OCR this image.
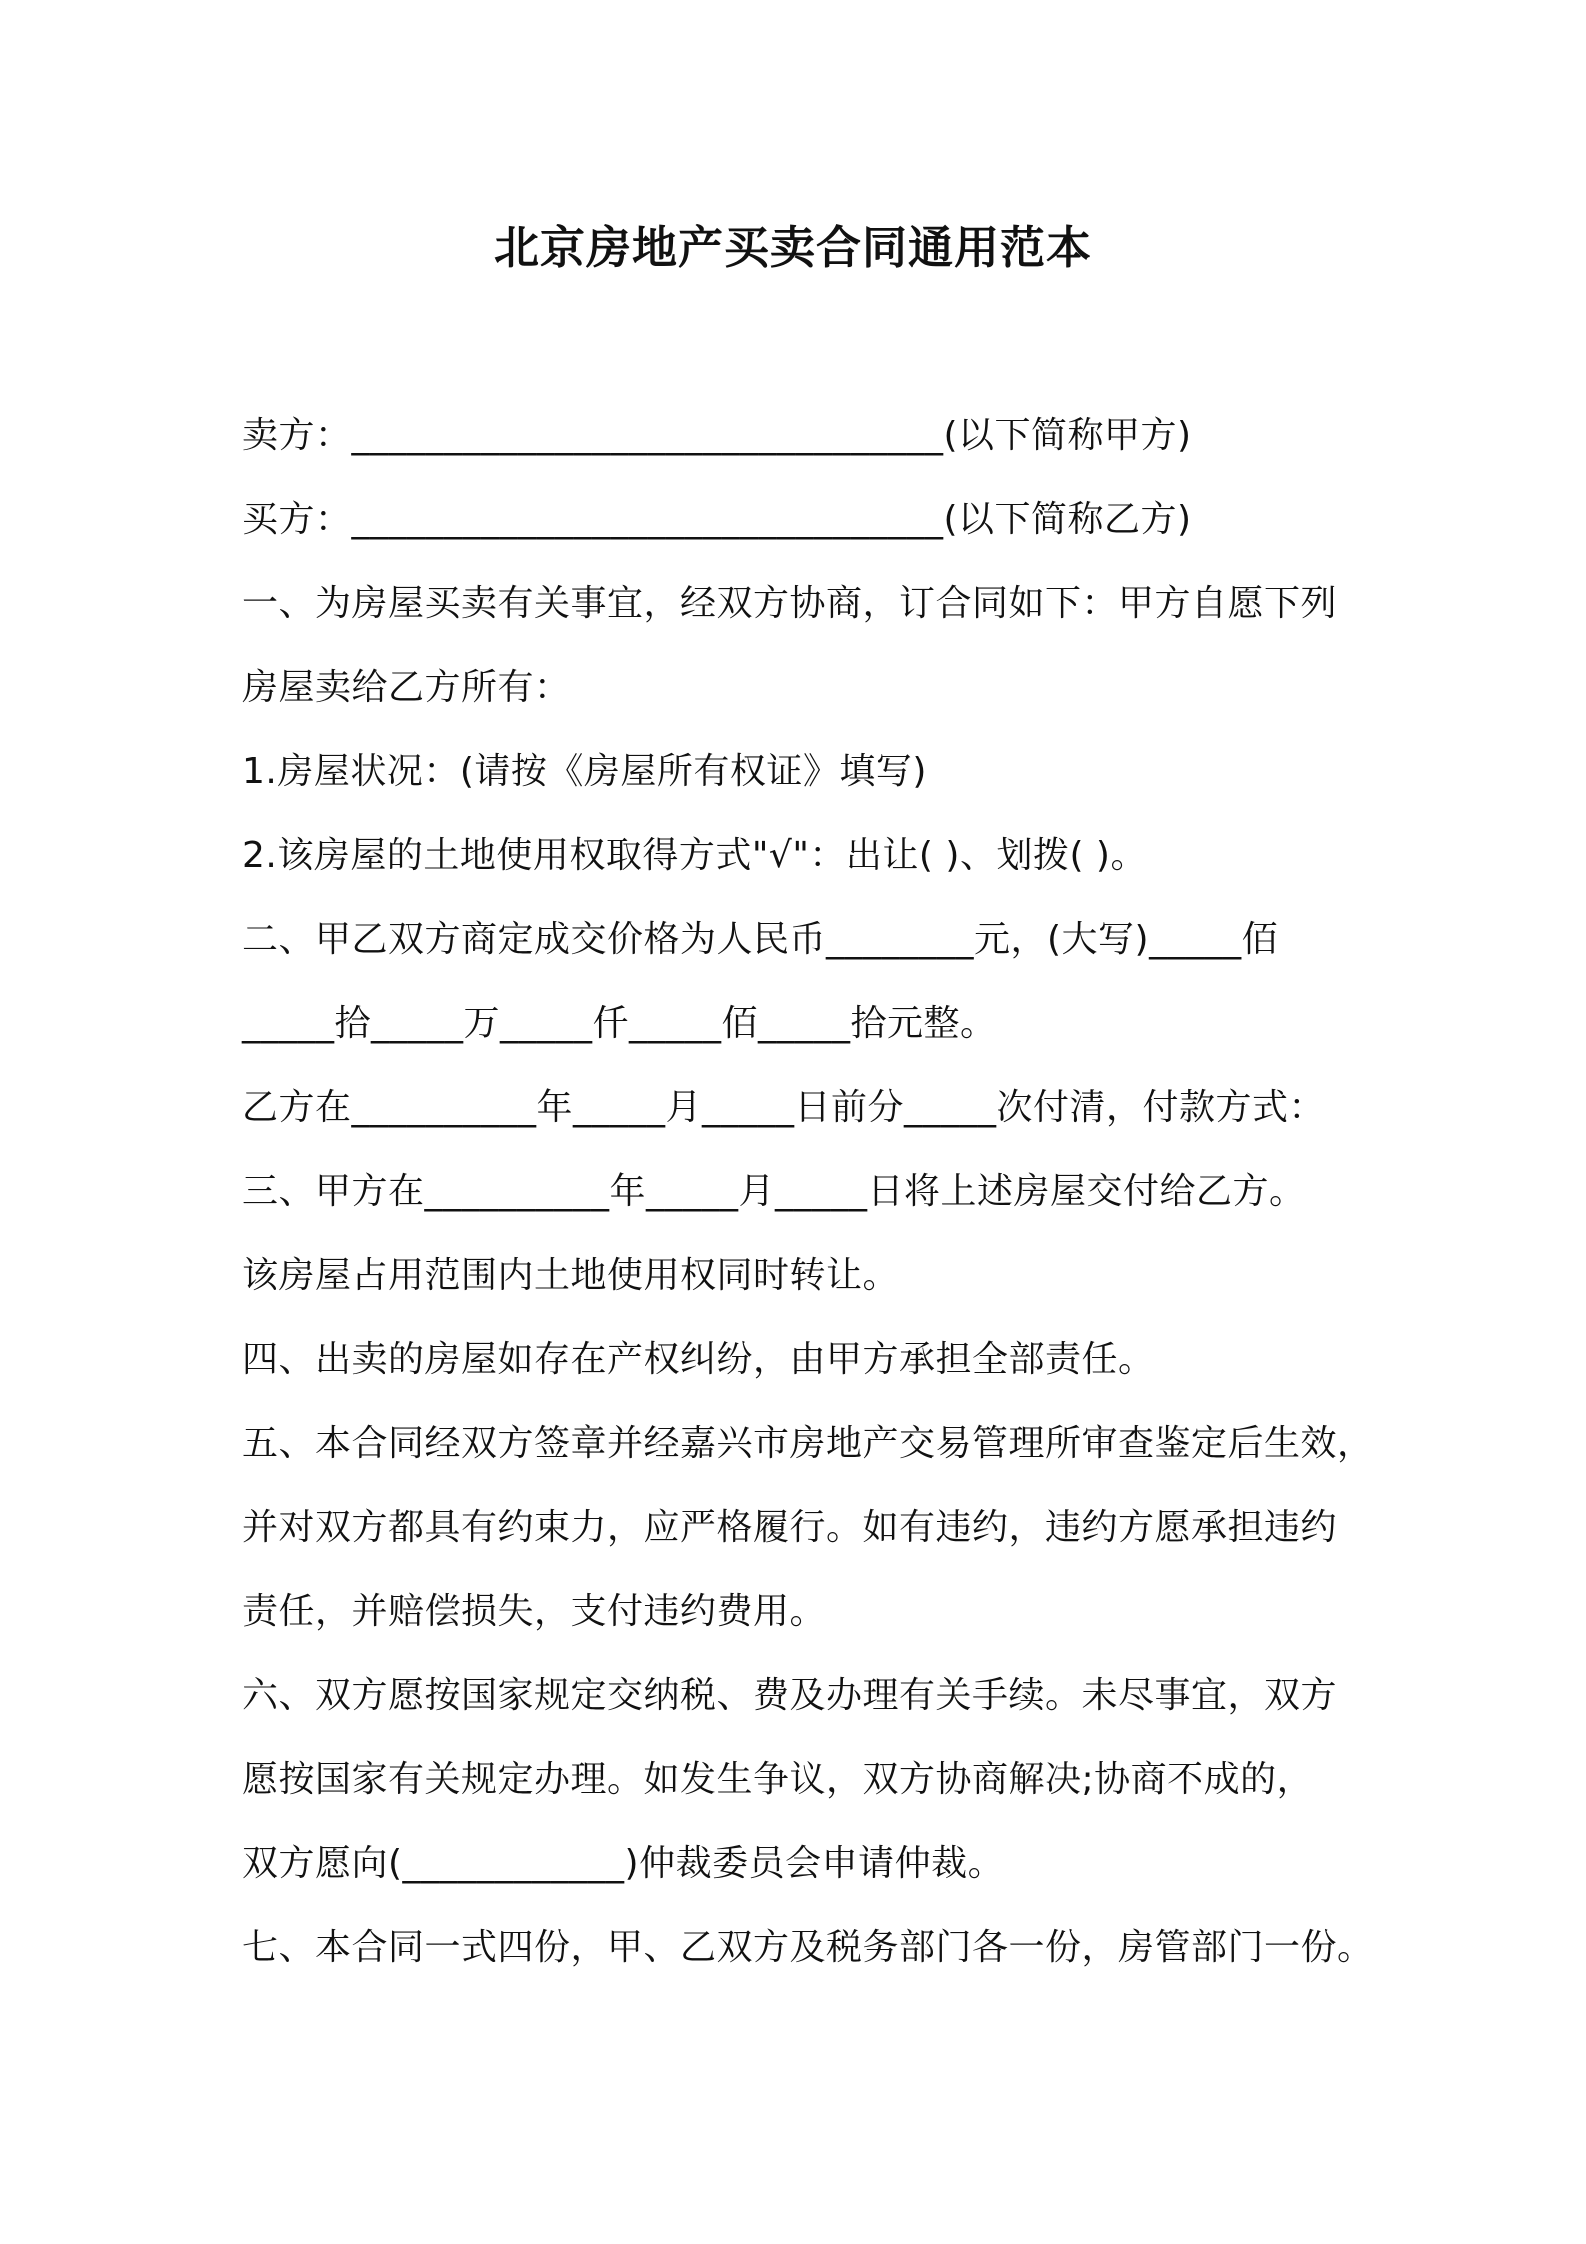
北京房地产买卖合同通用范本
卖方：________________________________(以下简称甲方)
买方：________________________________(以下简称乙方)
一、为房屋买卖有关事宜，经双方协商，订合同如下：甲方自愿下列
房屋卖给乙方所有：
1.房屋状况：(请按《房屋所有权证》填写)
2.该房屋的土地使用权取得方式"√"：出让( )、划拨( )。
二、甲乙双方商定成交价格为人民币________元，(大写)_____佰
_____拾_____万_____仟_____佰_____拾元整。
乙方在__________年_____月_____日前分_____次付清，付款方式：
三、甲方在__________年_____月_____日将上述房屋交付给乙方。
该房屋占用范围内土地使用权同时转让。
四、出卖的房屋如存在产权纠纷，由甲方承担全部责任。
五、本合同经双方签章并经嘉兴市房地产交易管理所审查鉴定后生效，
并对双方都具有约束力，应严格履行。如有违约，违约方愿承担违约
责任，并赔偿损失，支付违约费用。
六、双方愿按国家规定交纳税、费及办理有关手续。未尽事宜，双方
愿按国家有关规定办理。如发生争议，双方协商解决;协商不成的，
双方愿向(____________)仲裁委员会申请仲裁。
七、本合同一式四份，甲、乙双方及税务部门各一份，房管部门一份。
